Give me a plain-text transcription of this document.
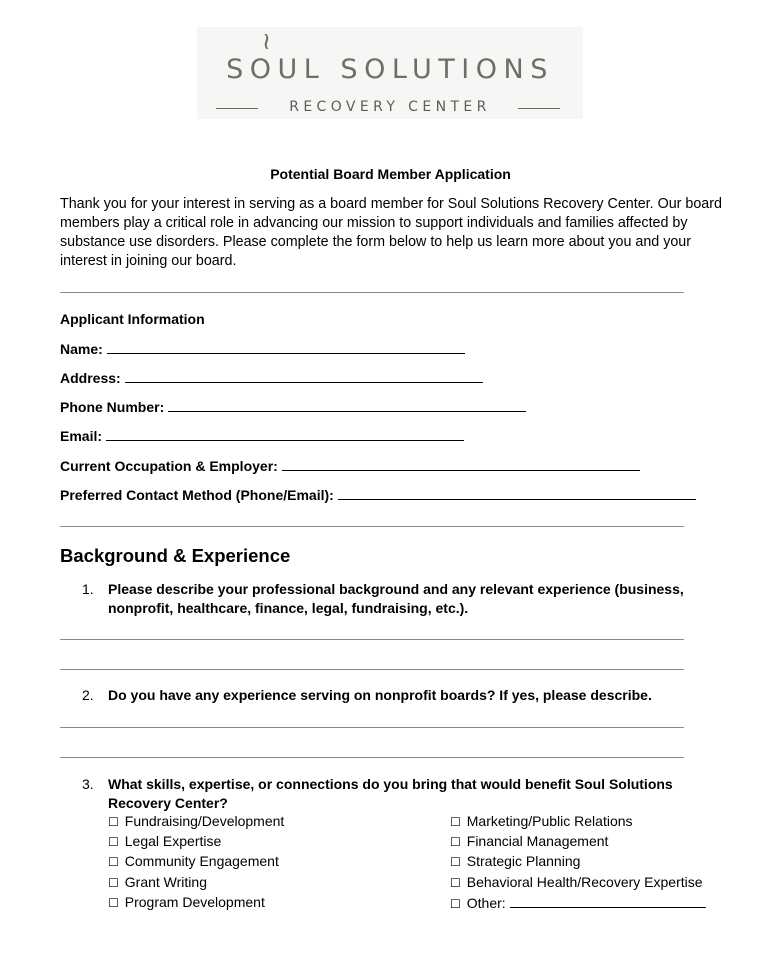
≀
SOUL SOLUTIONS
RECOVERY CENTER
Potential Board Member Application
Thank you for your interest in serving as a board member for Soul Solutions Recovery Center. Our board members play a critical role in advancing our mission to support individuals and families affected by substance use disorders. Please complete the form below to help us learn more about you and your interest in joining our board.
Applicant Information
Name:
Address:
Phone Number:
Email:
Current Occupation & Employer:
Preferred Contact Method (Phone/Email):
Background & Experience
1. Please describe your professional background and any relevant experience (business, nonprofit, healthcare, finance, legal, fundraising, etc.).
2. Do you have any experience serving on nonprofit boards? If yes, please describe.
3. What skills, expertise, or connections do you bring that would benefit Soul Solutions Recovery Center?
☐ Fundraising/Development
☐ Legal Expertise
☐ Community Engagement
☐ Grant Writing
☐ Program Development
☐ Marketing/Public Relations
☐ Financial Management
☐ Strategic Planning
☐ Behavioral Health/Recovery Expertise
☐ Other:
